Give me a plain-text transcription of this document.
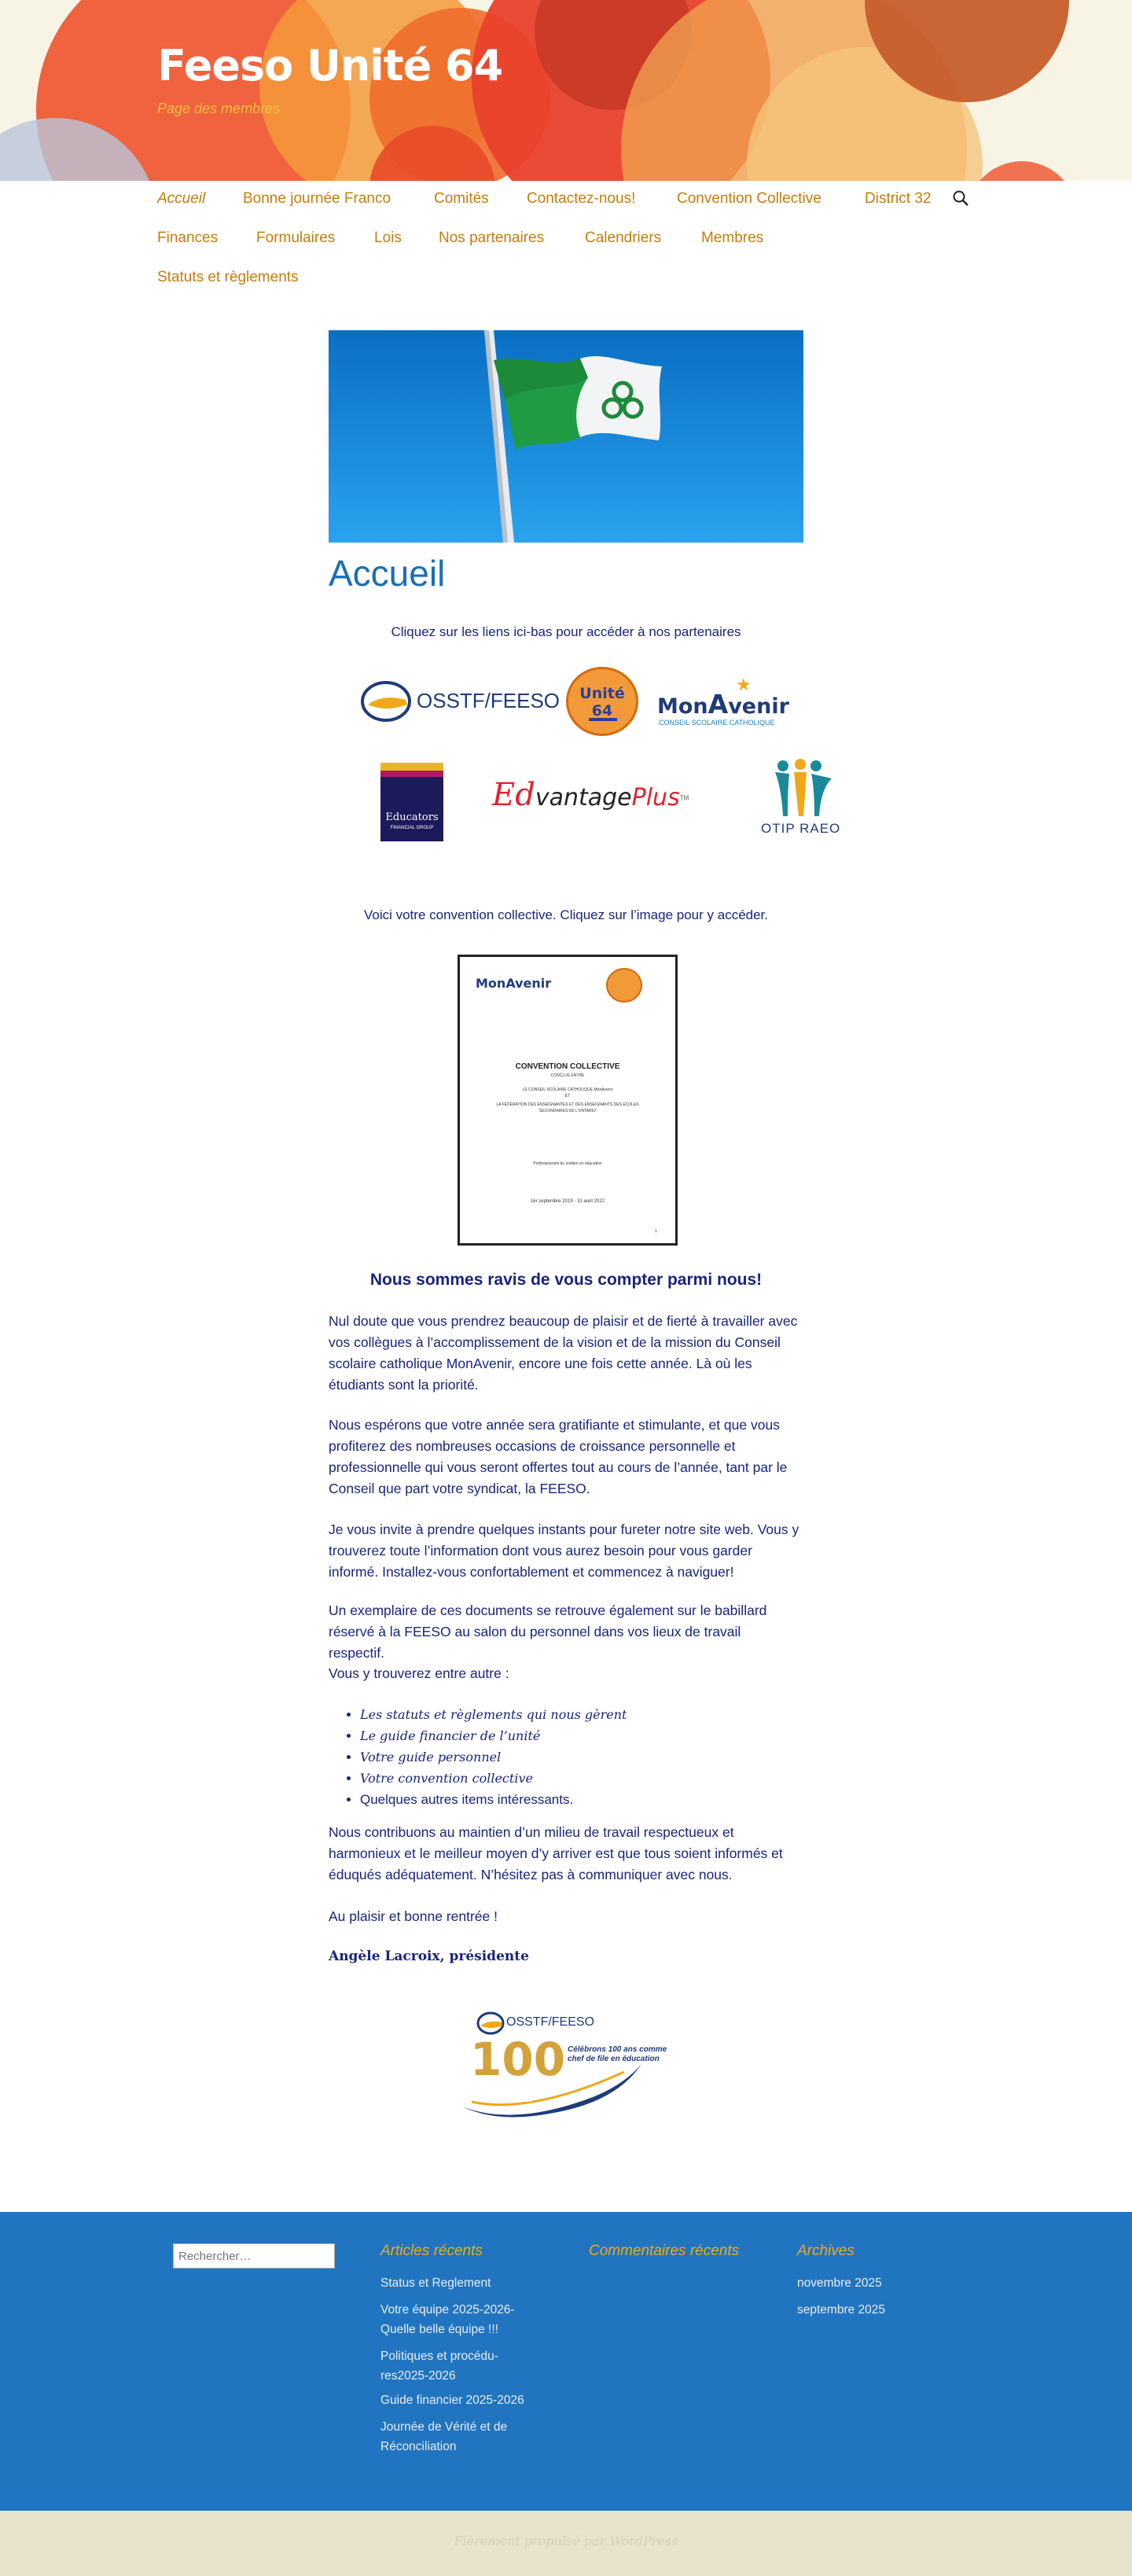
Feeso Unité 64
Page des membres
Accueil	Bonne journée Franco	Comités	Contactez-nous!	Convention Collective	District 32
Finances	Formulaires	Lois Nos partenaires	Calendriers	Membres
Statuts et règlements
Accueil
Cliquez sur les liens ici-bas pour accéder à nos partenaires
OSSTF/FEESO	Unité 64
★
MonAvenir
CONSEIL SCOLAIRE CATHOLIQUE
Educators
FINANCIAL GROUP
EdvantagePlus™
OTIP RAEO
Voici votre convention collective. Cliquez sur l’image pour y accéder.
MonAvenir
CONVENTION COLLECTIVE
CONCLUE ENTRE
LE CONSEIL SCOLAIRE CATHOLIQUE MonAvenir
ET
LA FÉDÉRATION DES ENSEIGNANTES ET DES ENSEIGNANTS DES ÉCOLES SECONDAIRES DE L’ONTARIO
Professionnels du soutien en éducation
1er septembre 2019 - 31 août 2022
1
Nous sommes ravis de vous compter parmi nous!
Nul doute que vous prendrez beaucoup de plaisir et de fierté à travailler avec vos collègues à l’accomplissement de la vision et de la mission du Conseil scolaire catholique MonAvenir, encore une fois cette année. Là où les étudiants sont la priorité.
Nous espérons que votre année sera gratifiante et stimulante, et que vous profiterez des nombreuses occasions de croissance personnelle et professionnelle qui vous seront offertes tout au cours de l’année, tant par le Conseil que part votre syndicat, la FEESO.
Je vous invite à prendre quelques instants pour fureter notre site web. Vous y trouverez toute l’information dont vous aurez besoin pour vous garder informé. Installez-vous confortablement et commencez à naviguer!
Un exemplaire de ces documents se retrouve également sur le babillard réservé à la FEESO au salon du personnel dans vos lieux de travail respectif.
Vous y trouverez entre autre :
• Les statuts et règlements qui nous gèrent
• Le guide financier de l’unité
• Votre guide personnel
• Votre convention collective
• Quelques autres items intéressants.
Nous contribuons au maintien d’un milieu de travail respectueux et harmonieux et le meilleur moyen d’y arriver est que tous soient informés et éduqués adéquatement. N’hésitez pas à communiquer avec nous.
Au plaisir et bonne rentrée !
Angèle Lacroix, présidente
OSSTF/FEESO
100 Célébrons 100 ans comme
chef de file en éducation
ans d’action
1919-2019
Rechercher…
Articles récents
Status et Reglement
Votre équipe 2025-2026- Quelle belle équipe !!!
Politiques et procédu- res2025-2026
Guide financier 2025-2026
Journée de Vérité et de Réconciliation
Commentaires récents	Archives
novembre 2025
septembre 2025
Fièrement propulsé par WordPress
